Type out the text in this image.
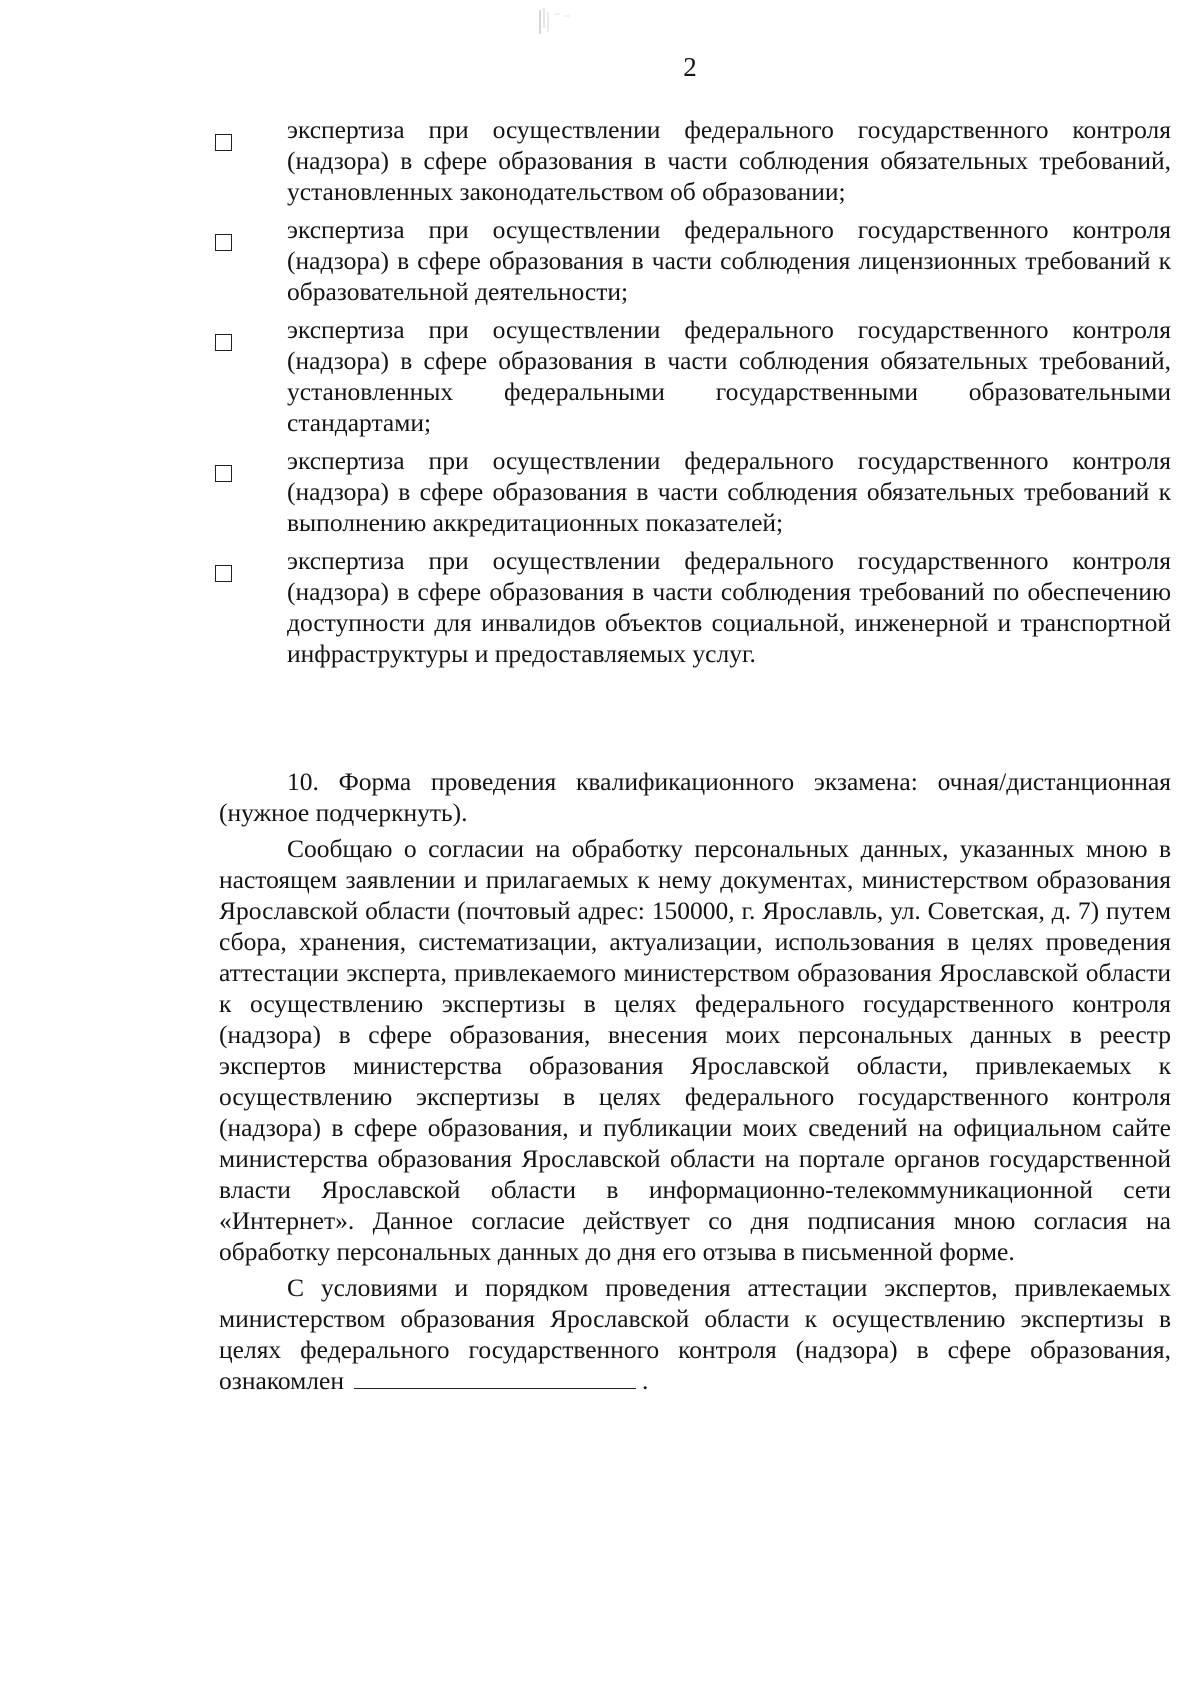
2
экспертиза при осуществлении федерального государственного контроля (надзора) в сфере образования в части соблюдения обязательных требований, установленных законодательством об образовании;
экспертиза при осуществлении федерального государственного контроля (надзора) в сфере образования в части соблюдения лицензионных требований к образовательной деятельности;
экспертиза при осуществлении федерального государственного контроля (надзора) в сфере образования в части соблюдения обязательных требований, установленных федеральными государственными образовательными стандартами;
экспертиза при осуществлении федерального государственного контроля (надзора) в сфере образования в части соблюдения обязательных требований к выполнению аккредитационных показателей;
экспертиза при осуществлении федерального государственного контроля (надзора) в сфере образования в части соблюдения требований по обеспечению доступности для инвалидов объектов социальной, инженерной и транспортной инфраструктуры и предоставляемых услуг.

10. Форма проведения квалификационного экзамена: очная/дистанционная (нужное подчеркнуть).

Сообщаю о согласии на обработку персональных данных, указанных мною в настоящем заявлении и прилагаемых к нему документах, министерством образования Ярославской области (почтовый адрес: 150000, г. Ярославль, ул. Советская, д. 7) путем сбора, хранения, систематизации, актуализации, использования в целях проведения аттестации эксперта, привлекаемого министерством образования Ярославской области к осуществлению экспертизы в целях федерального государственного контроля (надзора) в сфере образования, внесения моих персональных данных в реестр экспертов министерства образования Ярославской области, привлекаемых к осуществлению экспертизы в целях федерального государственного контроля (надзора) в сфере образования, и публикации моих сведений на официальном сайте министерства образования Ярославской области на портале органов государственной власти Ярославской области в информационно-телекоммуникационной сети «Интернет». Данное согласие действует со дня подписания мною согласия на обработку персональных данных до дня его отзыва в письменной форме.

С условиями и порядком проведения аттестации экспертов, привлекаемых министерством образования Ярославской области к осуществлению экспертизы в целях федерального государственного контроля (надзора) в сфере образования, ознакомлен	.
